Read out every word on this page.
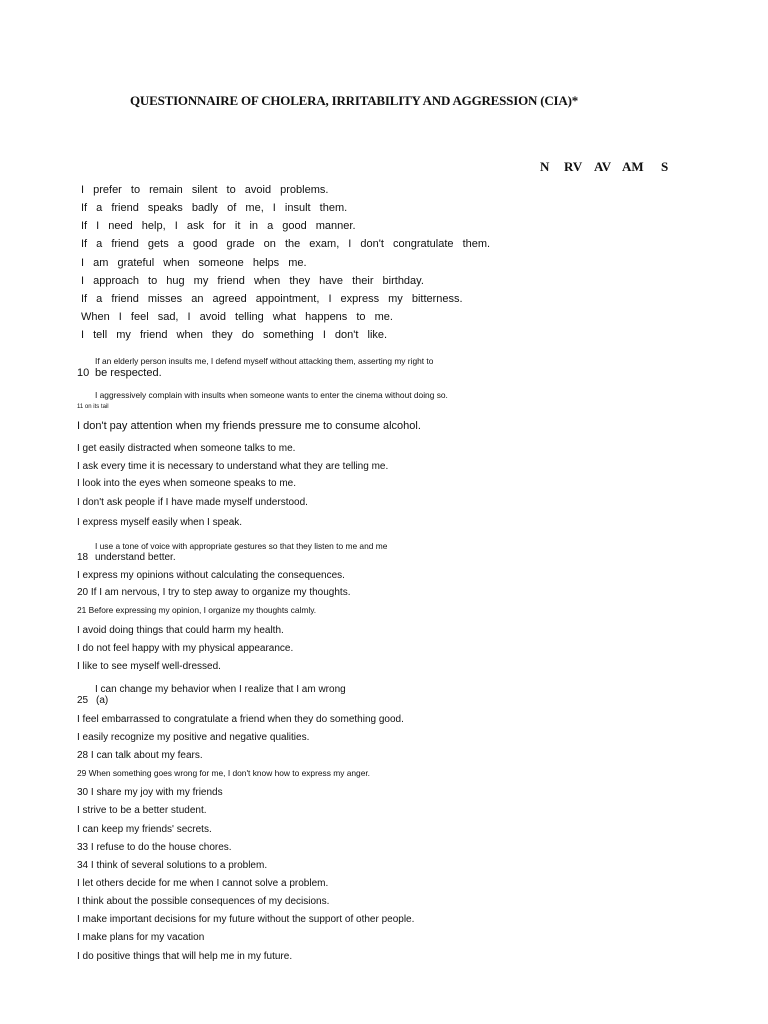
QUESTIONNAIRE OF CHOLERA, IRRITABILITY AND AGGRESSION (CIA)*
N RV AV AM S
I prefer to remain silent to avoid problems.
If a friend speaks badly of me, I insult them.
If I need help, I ask for it in a good manner.
If a friend gets a good grade on the exam, I don't congratulate them.
I am grateful when someone helps me.
I approach to hug my friend when they have their birthday.
If a friend misses an agreed appointment, I express my bitterness.
When I feel sad, I avoid telling what happens to me.
I tell my friend when they do something I don't like.
If an elderly person insults me, I defend myself without attacking them, asserting my right to
10 be respected.
I aggressively complain with insults when someone wants to enter the cinema without doing so.
11 on its tail
I don't pay attention when my friends pressure me to consume alcohol.
I get easily distracted when someone talks to me.
I ask every time it is necessary to understand what they are telling me.
I look into the eyes when someone speaks to me.
I don't ask people if I have made myself understood.
I express myself easily when I speak.
I use a tone of voice with appropriate gestures so that they listen to me and me
18 understand better.
I express my opinions without calculating the consequences.
20 If I am nervous, I try to step away to organize my thoughts.
21 Before expressing my opinion, I organize my thoughts calmly.
I avoid doing things that could harm my health.
I do not feel happy with my physical appearance.
I like to see myself well-dressed.
I can change my behavior when I realize that I am wrong
25 (a)
I feel embarrassed to congratulate a friend when they do something good.
I easily recognize my positive and negative qualities.
28 I can talk about my fears.
29 When something goes wrong for me, I don't know how to express my anger.
30 I share my joy with my friends
I strive to be a better student.
I can keep my friends' secrets.
33 I refuse to do the house chores.
34 I think of several solutions to a problem.
I let others decide for me when I cannot solve a problem.
I think about the possible consequences of my decisions.
I make important decisions for my future without the support of other people.
I make plans for my vacation
I do positive things that will help me in my future.
